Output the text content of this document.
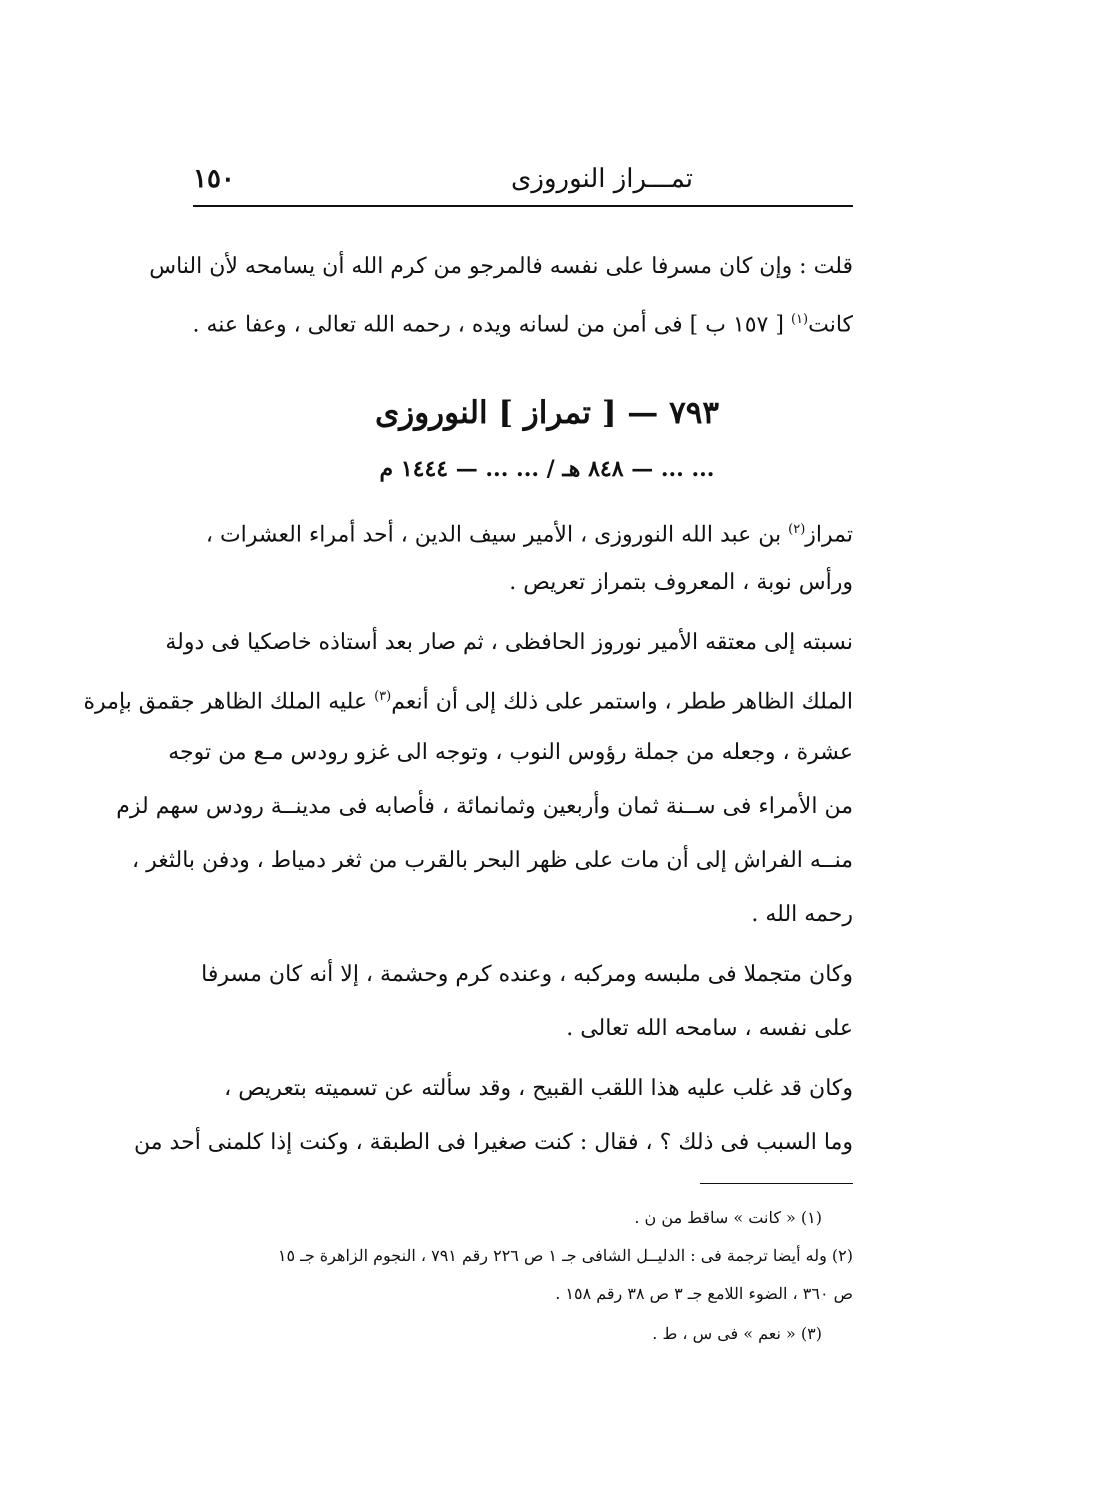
تمـــراز النوروزى
١٥٠
قلت : وإن كان مسرفا على نفسه فالمرجو من كرم الله أن يسامحه لأن الناس
كانت$^{(١)}$ [ ١٥٧ ب ] فى أمن من لسانه ويده ، رحمه الله تعالى ، وعفا عنه .
٧٩٣ — [ تمراز ] النوروزى
... ... — ٨٤٨ هـ / ... ... — ١٤٤٤ م
تمراز$^{(٢)}$ بن عبد الله النوروزى ، الأمير سيف الدين ، أحد أمراء العشرات ،
ورأس نوبة ، المعروف بتمراز تعريص .
نسبته إلى معتقه الأمير نوروز الحافظى ، ثم صار بعد أستاذه خاصكيا فى دولة
الملك الظاهر ططر ، واستمر على ذلك إلى أن أنعم$^{(٣)}$ عليه الملك الظاهر جقمق بإمرة
عشرة ، وجعله من جملة رؤوس النوب ، وتوجه الى غزو رودس مـع من توجه
من الأمراء فى ســنة ثمان وأربعين وثمانمائة ، فأصابه فى مدينــة رودس سهم لزم
منــه الفراش إلى أن مات على ظهر البحر بالقرب من ثغر دمياط ، ودفن بالثغر ،
رحمه الله .
وكان متجملا فى ملبسه ومركبه ، وعنده كرم وحشمة ، إلا أنه كان مسرفا
على نفسه ، سامحه الله تعالى .
وكان قد غلب عليه هذا اللقب القبيح ، وقد سألته عن تسميته بتعريص ،
وما السبب فى ذلك ؟ ، فقال : كنت صغيرا فى الطبقة ، وكنت إذا كلمنى أحد من
(١) « كانت » ساقط من ن .
(٢) وله أيضا ترجمة فى : الدليــل الشافى جـ ١ ص ٢٢٦ رقم ٧٩١ ، النجوم الزاهرة جـ ١٥
ص ٣٦٠ ، الضوء اللامع جـ ٣ ص ٣٨ رقم ١٥٨ .
(٣) « نعم » فى س ، ط .
